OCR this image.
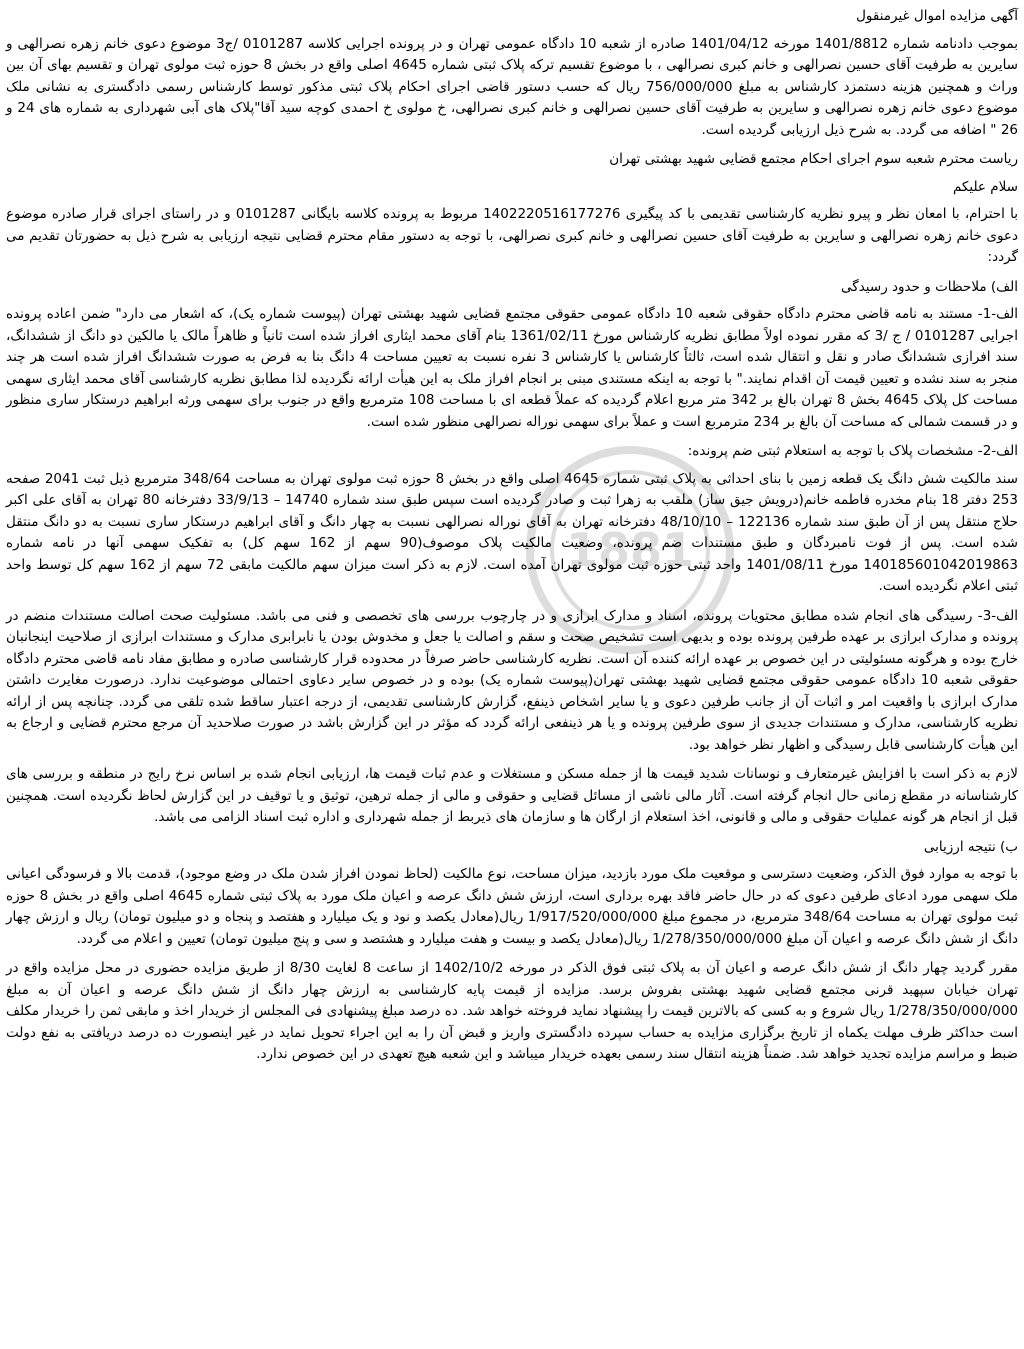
1881

آگهی مزایده اموال غیرمنقول

بموجب دادنامه شماره 1401/8812 مورخه 1401/04/12 صادره از شعبه 10 دادگاه عمومی تهران و در پرونده اجرایی کلاسه 0101287 /ج3 موضوع دعوی خانم زهره نصرالهی و سایرین به طرفیت آقای حسین نصرالهی و خانم کبری نصرالهی ، با موضوع تقسیم ترکه پلاک ثبتی شماره 4645 اصلی واقع در بخش 8 حوزه ثبت مولوی تهران و تقسیم بهای آن بین وراث و همچنین هزینه دستمزد کارشناس به مبلغ 756/000/000 ریال که حسب دستور قاضی اجرای احکام پلاک ثبتی مذکور توسط کارشناس رسمی دادگستری به نشانی ملک موضوع دعوی خانم زهره نصرالهی و سایرین به طرفیت آقای حسین نصرالهی و خانم کبری نصرالهی، خ مولوی خ احمدی کوچه سید آقا"پلاک های آبی شهرداری به شماره های 24 و 26 " اضافه می گردد. به شرح ذیل ارزیابی گردیده است.

ریاست محترم شعبه سوم اجرای احکام مجتمع قضایی شهید بهشتی تهران

سلام علیکم

با احترام، با امعان نظر و پیرو نظریه کارشناسی تقدیمی با کد پیگیری 140222051617727‌6 مربوط به پرونده کلاسه بایگانی 0101287 و در راستای اجرای قرار صادره موضوع دعوی خانم زهره نصرالهی و سایرین به طرفیت آقای حسین نصرالهی و خانم کبری نصرالهی، با توجه به دستور مقام محترم قضایی نتیجه ارزیابی به شرح ذیل به حضورتان تقدیم می گردد:

الف) ملاحظات و حدود رسیدگی

الف-1- مستند به نامه قاضی محترم دادگاه حقوقی شعبه 10 دادگاه عمومی حقوقی مجتمع قضایی شهید بهشتی تهران (پیوست شماره یک)، که اشعار می دارد" ضمن اعاده پرونده اجرایی 0101287 / ج /3 که مقرر نموده اولاً مطابق نظریه کارشناس مورخ 1361/02/11 بنام آقای محمد ایثاری افراز شده است ثانیاً و ظاهراً مالک یا مالکین دو دانگ از ششدانگ، سند افرازی ششدانگ صادر و نقل و انتقال شده است، ثالثاً کارشناس یا کارشناس 3 نفره نسبت به تعیین مساحت 4 دانگ بنا به فرض به صورت ششدانگ افراز شده است هر چند منجر به سند نشده و تعیین قیمت آن اقدام نمایند." با توجه به اینکه مستندی مبنی بر انجام افراز ملک به این هیأت ارائه نگردیده لذا مطابق نظریه کارشناسی آقای محمد ایثاری سهمی مساحت کل پلاک 4645 بخش 8 تهران بالغ بر 342 متر مربع اعلام گردیده که عملاً قطعه ای با مساحت 108 مترمربع واقع در جنوب برای سهمی ورثه ابراهیم درستکار ساری منظور و در قسمت شمالی که مساحت آن بالغ بر 234 مترمربع است و عملاً برای سهمی نوراله نصرالهی منظور شده است.

الف-2- مشخصات پلاک با توجه به استعلام ثبتی ضم پرونده:

سند مالکیت شش دانگ یک قطعه زمین با بنای احداثی به پلاک ثبتی شماره 4645 اصلی واقع در بخش 8 حوزه ثبت مولوی تهران به مساحت 348/64 مترمربع ذیل ثبت 2041 صفحه 253 دفتر 18 بنام مخدره فاطمه خانم(درویش جیق ساز) ملقب به زهرا ثبت و صادر گردیده است سپس طبق سند شماره 14740 – 33/9/13 دفترخانه 80 تهران به آقای علی اکبر حلاج منتقل پس از آن طبق سند شماره 122136 – 48/10/10 دفترخانه تهران به آقای نوراله نصرالهی نسبت به چهار دانگ و آقای ابراهیم درستکار ساری نسبت به دو دانگ منتقل شده است. پس از فوت نامبردگان و طبق مستندات ضم پرونده، وضعیت مالکیت پلاک موصوف(90 سهم از 162 سهم کل) به تفکیک سهمی آنها در نامه شماره 14018560104201986‌3 مورخ 1401/08/11 واحد ثبتی حوزه ثبت مولوی تهران آمده است. لازم به ذکر است میزان سهم مالکیت مابقی 72 سهم از 162 سهم کل توسط واحد ثبتی اعلام نگردیده است.

الف-3- رسیدگی های انجام شده مطابق محتویات پرونده، اسناد و مدارک ابرازی و در چارچوب بررسی های تخصصی و فنی می باشد. مسئولیت صحت اصالت مستندات منضم در پرونده و مدارک ابرازی بر عهده طرفین پرونده بوده و بدیهی است تشخیص صحت و سقم و اصالت یا جعل و مخدوش بودن یا نابرابری مدارک و مستندات ابرازی از صلاحیت اینجانبان خارج بوده و هرگونه مسئولیتی در این خصوص بر عهده ارائه کننده آن است. نظریه کارشناسی حاضر صرفاً در محدوده قرار کارشناسی صادره و مطابق مفاد نامه قاضی محترم دادگاه حقوقی شعبه 10 دادگاه عمومی حقوقی مجتمع قضایی شهید بهشتی تهران(پیوست شماره یک) بوده و در خصوص سایر دعاوی احتمالی موضوعیت ندارد. درصورت مغایرت داشتن مدارک ابرازی با واقعیت امر و اثبات آن از جانب طرفین دعوی و یا سایر اشخاص ذینفع، گزارش کارشناسی تقدیمی، از درجه اعتبار ساقط شده تلقی می گردد. چنانچه پس از ارائه نظریه کارشناسی، مدارک و مستندات جدیدی از سوی طرفین پرونده و یا هر ذینفعی ارائه گردد که مؤثر در این گزارش باشد در صورت صلاحدید آن مرجع محترم قضایی و ارجاع به این هیأت کارشناسی قابل رسیدگی و اظهار نظر خواهد بود.

لازم به ذکر است با افزایش غیرمتعارف و نوسانات شدید قیمت ها از جمله مسکن و مستغلات و عدم ثبات قیمت ها، ارزیابی انجام شده بر اساس نرخ رایج در منطقه و بررسی های کارشناسانه در مقطع زمانی حال انجام گرفته است. آثار مالی ناشی از مسائل قضایی و حقوقی و مالی از جمله ترهین، توثیق و یا توقیف در این گزارش لحاظ نگردیده است. همچنین قبل از انجام هر گونه عملیات حقوقی و مالی و قانونی، اخذ استعلام از ارگان ها و سازمان های ذیربط از جمله شهرداری و اداره ثبت اسناد الزامی می باشد.

ب) نتیجه ارزیابی

با توجه به موارد فوق الذکر، وضعیت دسترسی و موقعیت ملک مورد بازدید، میزان مساحت، نوع مالکیت (لحاظ نمودن افراز شدن ملک در وضع موجود)، قدمت بالا و فرسودگی اعیانی ملک سهمی مورد ادعای طرفین دعوی که در حال حاضر فاقد بهره برداری است، ارزش شش دانگ عرصه و اعیان ملک مورد به پلاک ثبتی شماره 4645 اصلی واقع در بخش 8 حوزه ثبت مولوی تهران به مساحت 348/64 مترمربع، در مجموع مبلغ 1/917/520/000/000 ریال(معادل یکصد و نود و یک میلیارد و هفتصد و پنجاه و دو میلیون تومان) ریال و ارزش چهار دانگ از شش دانگ عرصه و اعیان آن مبلغ 1/278/350/000/000 ریال(معادل یکصد و بیست و هفت میلیارد و هشتصد و سی و پنج میلیون تومان) تعیین و اعلام می گردد.

مقرر گردید چهار دانگ از شش دانگ عرصه و اعیان آن به پلاک ثبتی فوق الذکر در مورخه 1402/10/2 از ساعت 8 لغایت 8/30 از طریق مزایده حضوری در محل مزایده واقع در تهران خیابان سپهبد قرنی مجتمع قضایی شهید بهشتی بفروش برسد. مزایده از قیمت پایه کارشناسی به ارزش چهار دانگ از شش دانگ عرصه و اعیان آن به مبلغ 1/278/350/000/000 ریال شروع و به کسی که بالاترین قیمت را پیشنهاد نماید فروخته خواهد شد. ده درصد مبلغ پیشنهادی فی المجلس از خریدار اخذ و مابقی ثمن را خریدار مکلف است حداکثر ظرف مهلت یکماه از تاریخ برگزاری مزایده به حساب سپرده دادگستری واریز و قبض آن را به این اجراء تحویل نماید در غیر اینصورت ده درصد دریافتی به نفع دولت ضبط و مراسم مزایده تجدید خواهد شد. ضمناً هزینه انتقال سند رسمی بعهده خریدار میباشد و این شعبه هیچ تعهدی در این خصوص ندارد.
